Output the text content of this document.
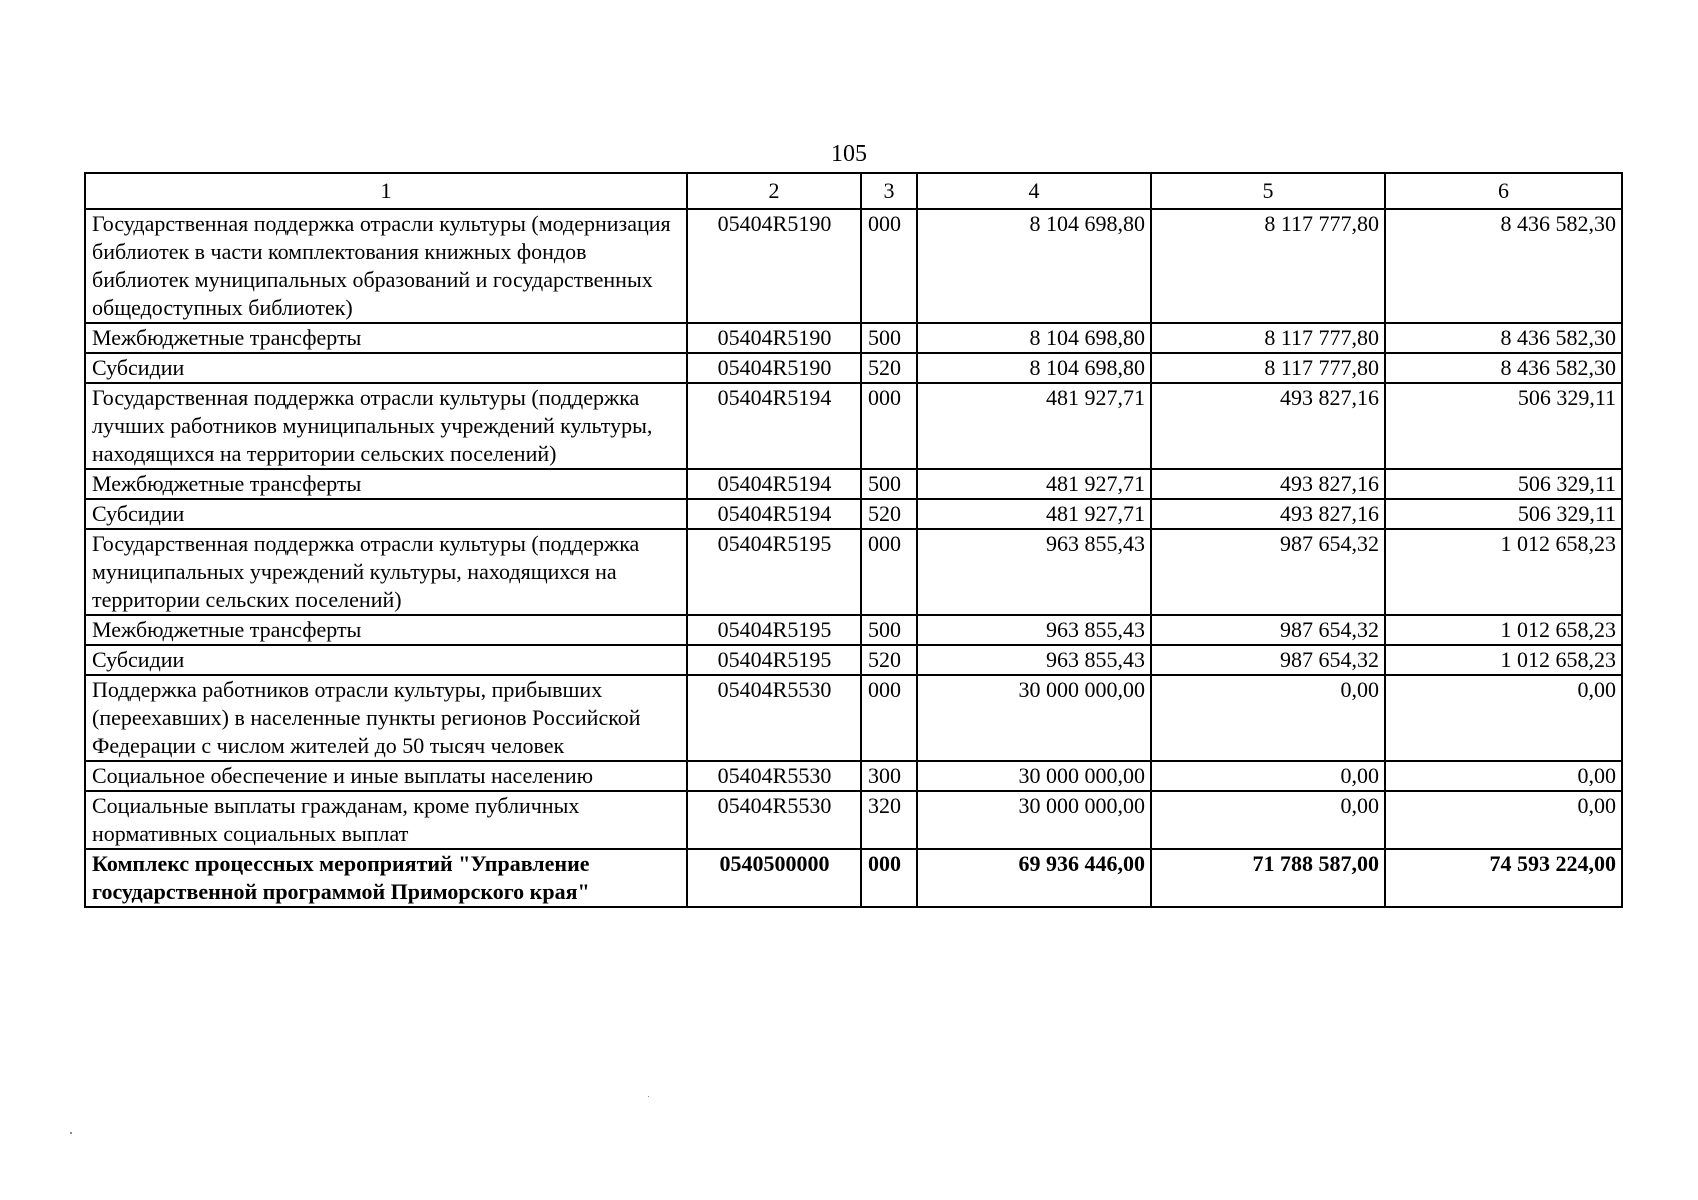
105
1	2	3	4	5	6
Государственная поддержка отрасли культуры (модернизация библиотек в части комплектования книжных фондов библиотек муниципальных образований и государственных общедоступных библиотек)	05404R5190	000	8 104 698,80	8 117 777,80	8 436 582,30
Межбюджетные трансферты	05404R5190	500	8 104 698,80	8 117 777,80	8 436 582,30
Субсидии	05404R5190	520	8 104 698,80	8 117 777,80	8 436 582,30
Государственная поддержка отрасли культуры (поддержка лучших работников муниципальных учреждений культуры, находящихся на территории сельских поселений)	05404R5194	000	481 927,71	493 827,16	506 329,11
Межбюджетные трансферты	05404R5194	500	481 927,71	493 827,16	506 329,11
Субсидии	05404R5194	520	481 927,71	493 827,16	506 329,11
Государственная поддержка отрасли культуры (поддержка муниципальных учреждений культуры, находящихся на территории сельских поселений)	05404R5195	000	963 855,43	987 654,32	1 012 658,23
Межбюджетные трансферты	05404R5195	500	963 855,43	987 654,32	1 012 658,23
Субсидии	05404R5195	520	963 855,43	987 654,32	1 012 658,23
Поддержка работников отрасли культуры, прибывших (переехавших) в населенные пункты регионов Российской Федерации с числом жителей до 50 тысяч человек	05404R5530	000	30 000 000,00	0,00	0,00
Социальное обеспечение и иные выплаты населению	05404R5530	300	30 000 000,00	0,00	0,00
Социальные выплаты гражданам, кроме публичных нормативных социальных выплат	05404R5530	320	30 000 000,00	0,00	0,00
Комплекс процессных мероприятий "Управление государственной программой Приморского края"	0540500000	000	69 936 446,00	71 788 587,00	74 593 224,00
